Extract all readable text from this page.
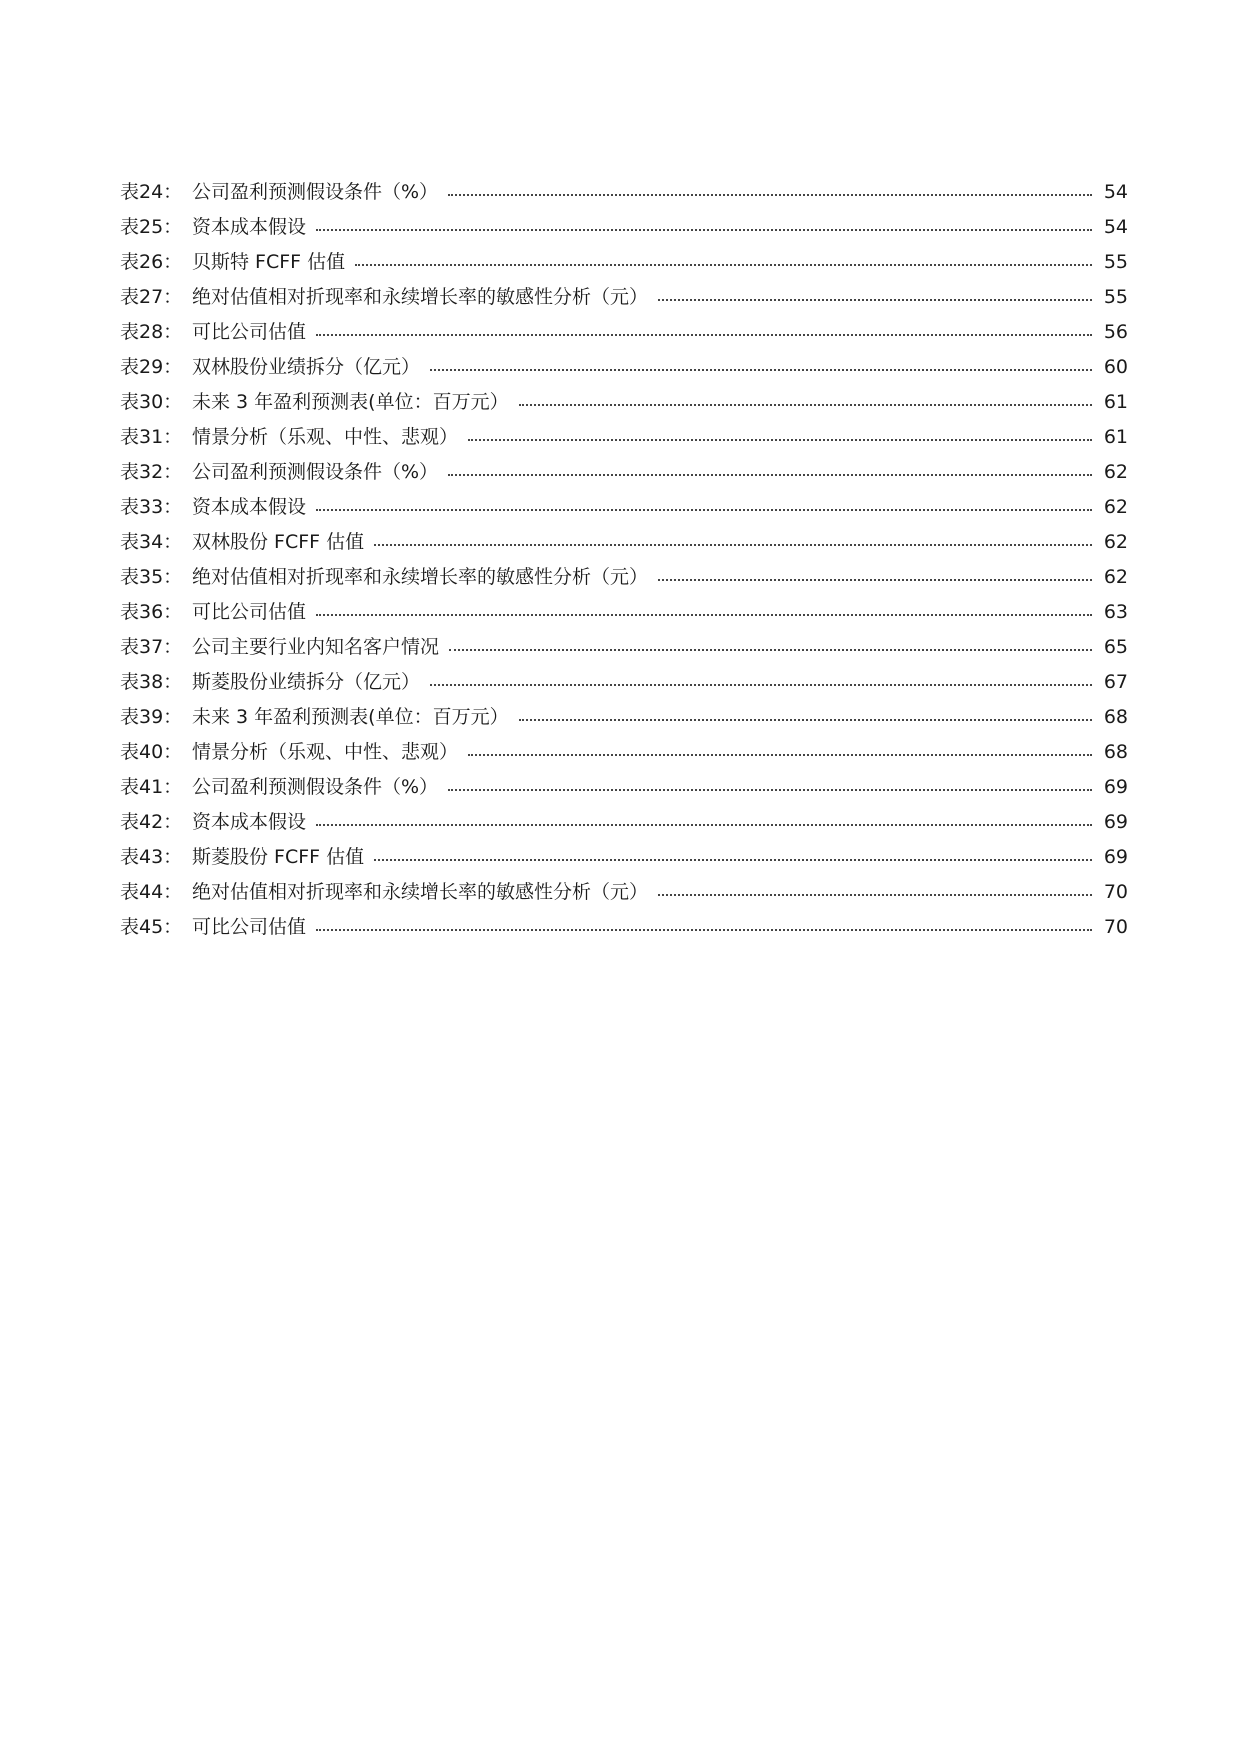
表24： 公司盈利预测假设条件（%）	54
表25： 资本成本假设	54
表26： 贝斯特 FCFF 估值	55
表27： 绝对估值相对折现率和永续增长率的敏感性分析（元）	55
表28： 可比公司估值	56
表29： 双林股份业绩拆分（亿元）	60
表30： 未来 3 年盈利预测表(单位：百万元）	61
表31： 情景分析（乐观、中性、悲观）	61
表32： 公司盈利预测假设条件（%）	62
表33： 资本成本假设	62
表34： 双林股份 FCFF 估值	62
表35： 绝对估值相对折现率和永续增长率的敏感性分析（元）	62
表36： 可比公司估值	63
表37： 公司主要行业内知名客户情况	65
表38： 斯菱股份业绩拆分（亿元）	67
表39： 未来 3 年盈利预测表(单位：百万元）	68
表40： 情景分析（乐观、中性、悲观）	68
表41： 公司盈利预测假设条件（%）	69
表42： 资本成本假设	69
表43： 斯菱股份 FCFF 估值	69
表44： 绝对估值相对折现率和永续增长率的敏感性分析（元）	70
表45： 可比公司估值	70
